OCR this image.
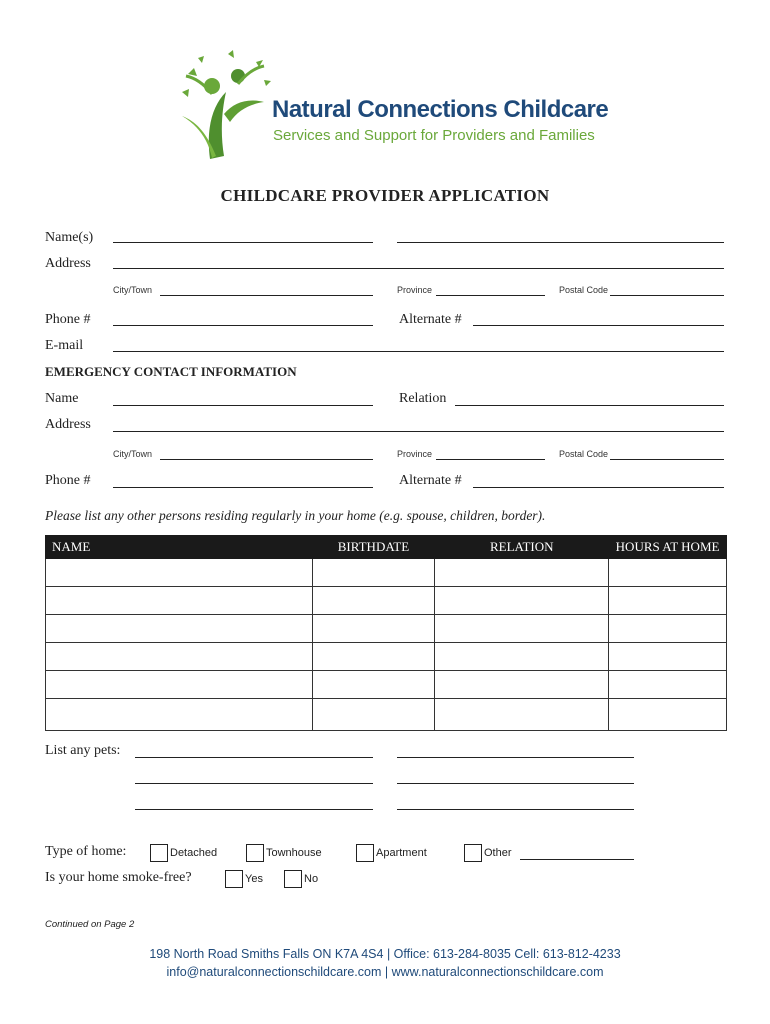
Natural Connections Childcare
Services and Support for Providers and Families
CHILDCARE PROVIDER APPLICATION
Name(s)
Address
City/Town	Province	Postal Code
Phone #	Alternate #
E-mail
EMERGENCY CONTACT INFORMATION
Name	Relation
Address
City/Town	Province	Postal Code
Phone #	Alternate #
Please list any other persons residing regularly in your home (e.g. spouse, children, border).
NAME	BIRTHDATE	RELATION	HOURS AT HOME

List any pets:
Type of home:	Detached	Townhouse	Apartment	Other
Is your home smoke-free?	Yes	No
Continued on Page 2
198 North Road Smiths Falls ON K7A 4S4 | Office: 613-284-8035 Cell: 613-812-4233
info@naturalconnectionschildcare.com | www.naturalconnectionschildcare.com
